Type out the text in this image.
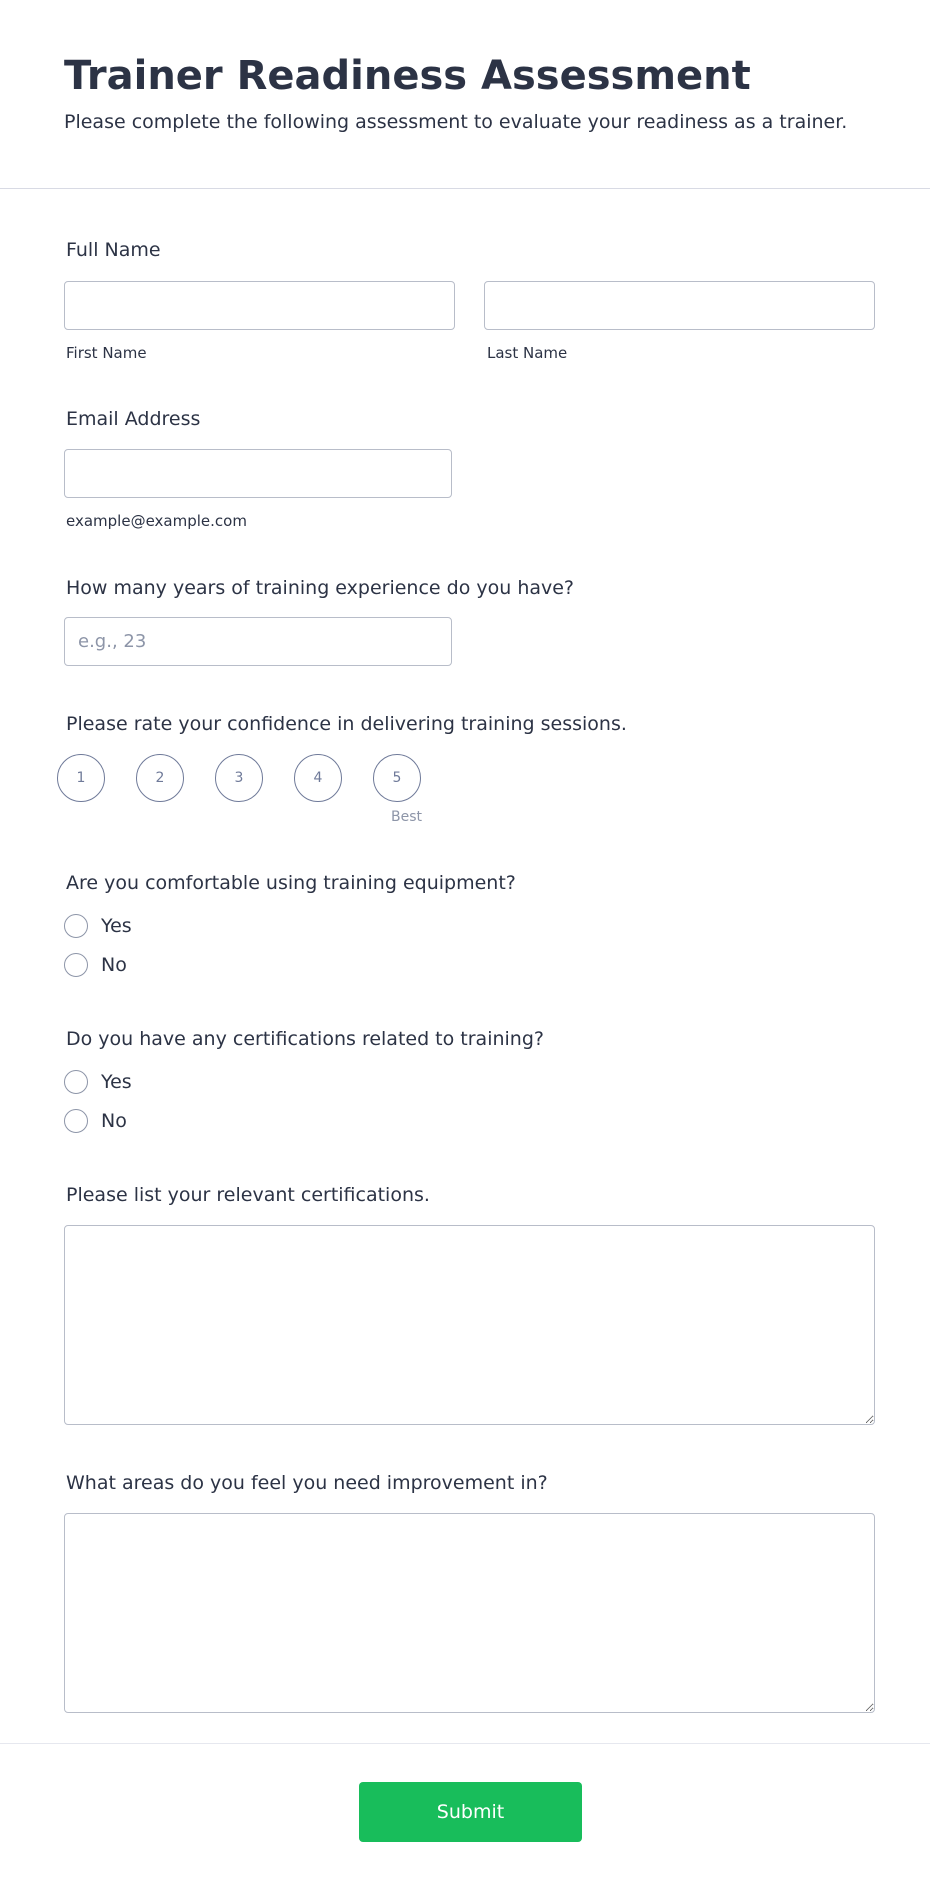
Trainer Readiness Assessment

Please complete the following assessment to evaluate your readiness as a trainer.

Full Name
First Name	Last Name
Email Address
example@example.com
How many years of training experience do you have?
e.g., 23
Please rate your confidence in delivering training sessions.
1	2	3	4	5
Best
Are you comfortable using training equipment?
Yes
No
Do you have any certifications related to training?
Yes
No
Please list your relevant certifications.
What areas do you feel you need improvement in?
Submit
